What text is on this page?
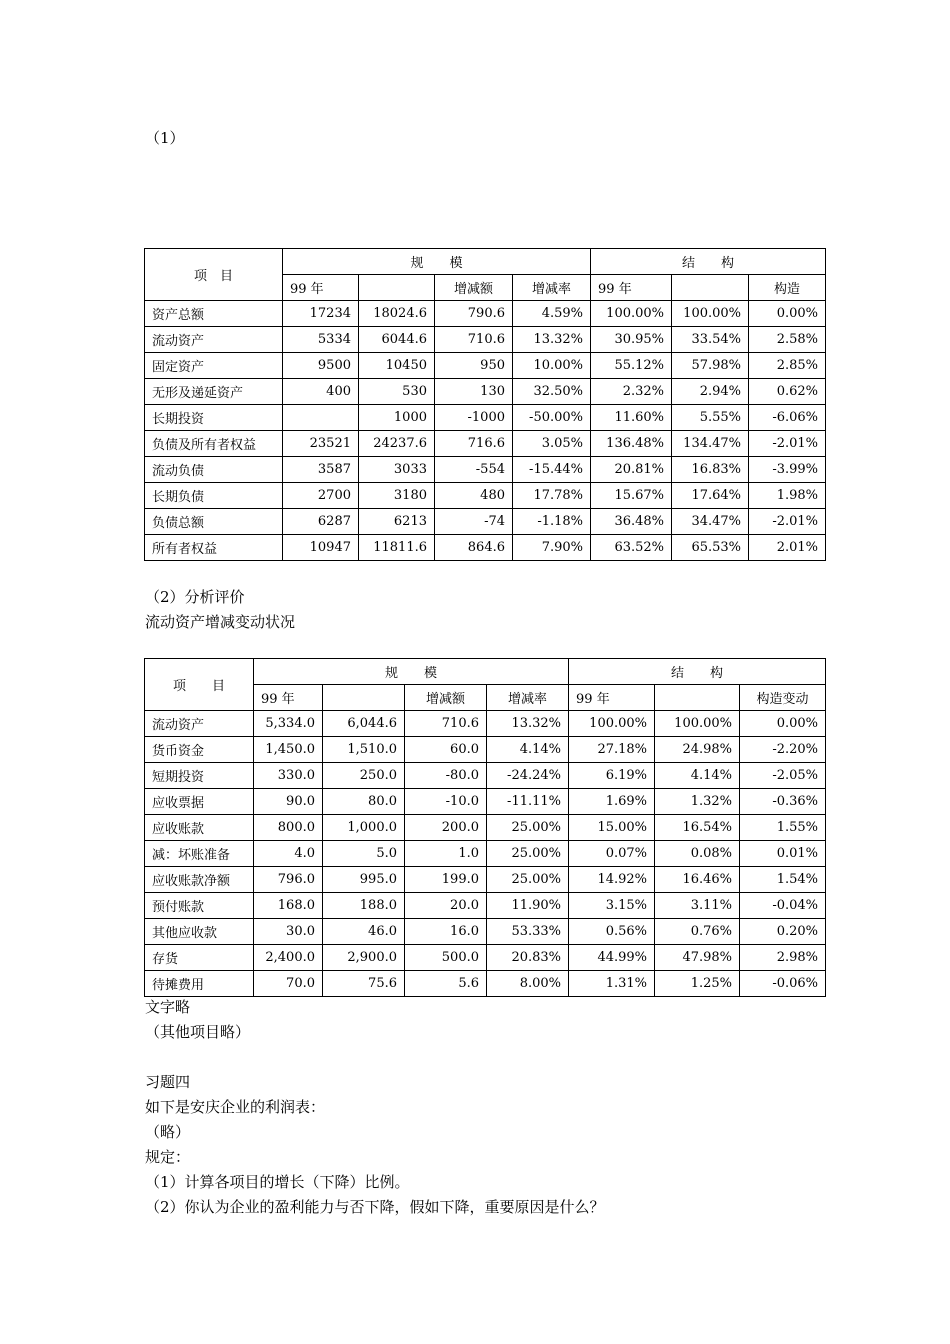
（1）
项　目	规　　模				结　　构		
	99 年		增减额	增减率	99 年		构造
资产总额	17234	18024.6	790.6	4.59%	100.00%	100.00%	0.00%
流动资产	5334	6044.6	710.6	13.32%	30.95%	33.54%	2.58%
固定资产	9500	10450	950	10.00%	55.12%	57.98%	2.85%
无形及递延资产	400	530	130	32.50%	2.32%	2.94%	0.62%
长期投资		1000	-1000	-50.00%	11.60%	5.55%	-6.06%
负债及所有者权益	23521	24237.6	716.6	3.05%	136.48%	134.47%	-2.01%
流动负债	3587	3033	-554	-15.44%	20.81%	16.83%	-3.99%
长期负债	2700	3180	480	17.78%	15.67%	17.64%	1.98%
负债总额	6287	6213	-74	-1.18%	36.48%	34.47%	-2.01%
所有者权益	10947	11811.6	864.6	7.90%	63.52%	65.53%	2.01%
（2）分析评价
流动资产增减变动状况
项　　目	规　　模				结　　构		
	99 年		增减额	增减率	99 年		构造变动
流动资产	5,334.0	6,044.6	710.6	13.32%	100.00%	100.00%	0.00%
货币资金	1,450.0	1,510.0	60.0	4.14%	27.18%	24.98%	-2.20%
短期投资	330.0	250.0	-80.0	-24.24%	6.19%	4.14%	-2.05%
应收票据	90.0	80.0	-10.0	-11.11%	1.69%	1.32%	-0.36%
应收账款	800.0	1,000.0	200.0	25.00%	15.00%	16.54%	1.55%
减：坏账准备	4.0	5.0	1.0	25.00%	0.07%	0.08%	0.01%
应收账款净额	796.0	995.0	199.0	25.00%	14.92%	16.46%	1.54%
预付账款	168.0	188.0	20.0	11.90%	3.15%	3.11%	-0.04%
其他应收款	30.0	46.0	16.0	53.33%	0.56%	0.76%	0.20%
存货	2,400.0	2,900.0	500.0	20.83%	44.99%	47.98%	2.98%
待摊费用	70.0	75.6	5.6	8.00%	1.31%	1.25%	-0.06%
文字略
（其他项目略）
习题四
如下是安庆企业的利润表：
（略）
规定：
（1）计算各项目的增长（下降）比例。
（2）你认为企业的盈利能力与否下降，假如下降，重要原因是什么？
